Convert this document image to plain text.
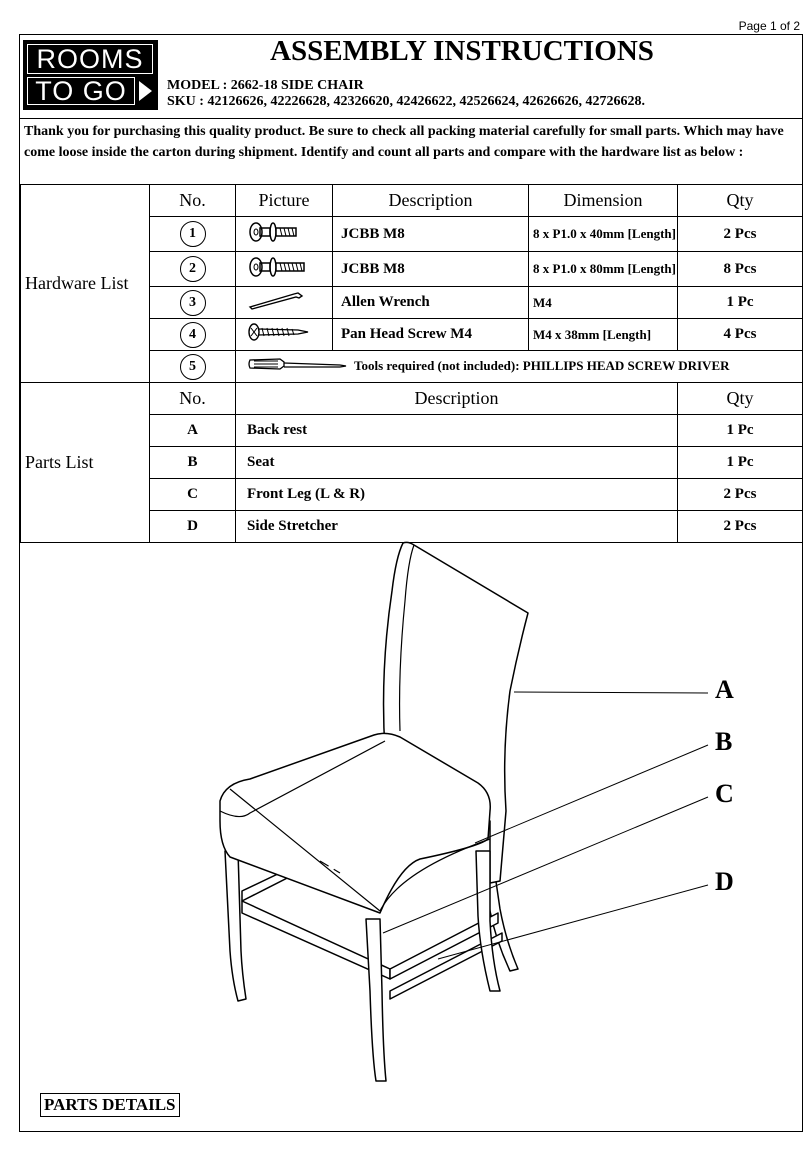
Page 1 of 2
ROOMS
TO GO
ASSEMBLY INSTRUCTIONS
MODEL : 2662-18 SIDE CHAIR
SKU : 42126626, 42226628, 42326620, 42426622, 42526624, 42626626, 42726628.
Thank you for purchasing this quality product. Be sure to check all packing material carefully for small parts. Which may have come loose inside the carton during shipment. Identify and count all parts and compare with the hardware list as below :
Hardware List	No.	Picture	Description	Dimension	Qty
	1		JCBB M8	8 x P1.0 x 40mm [Length]	2 Pcs
	2		JCBB M8	8 x P1.0 x 80mm [Length]	8 Pcs
	3		Allen Wrench	M4	1 Pc
	4		Pan Head Screw M4	M4 x 38mm [Length]	4 Pcs
	5	Tools required (not included): PHILLIPS HEAD SCREW DRIVER			
Parts List	No.	Description			Qty
	A	Back rest			1 Pc
	B	Seat			1 Pc
	C	Front Leg (L & R)			2 Pcs
	D	Side Stretcher			2 Pcs
A
B
C
D
PARTS DETAILS
